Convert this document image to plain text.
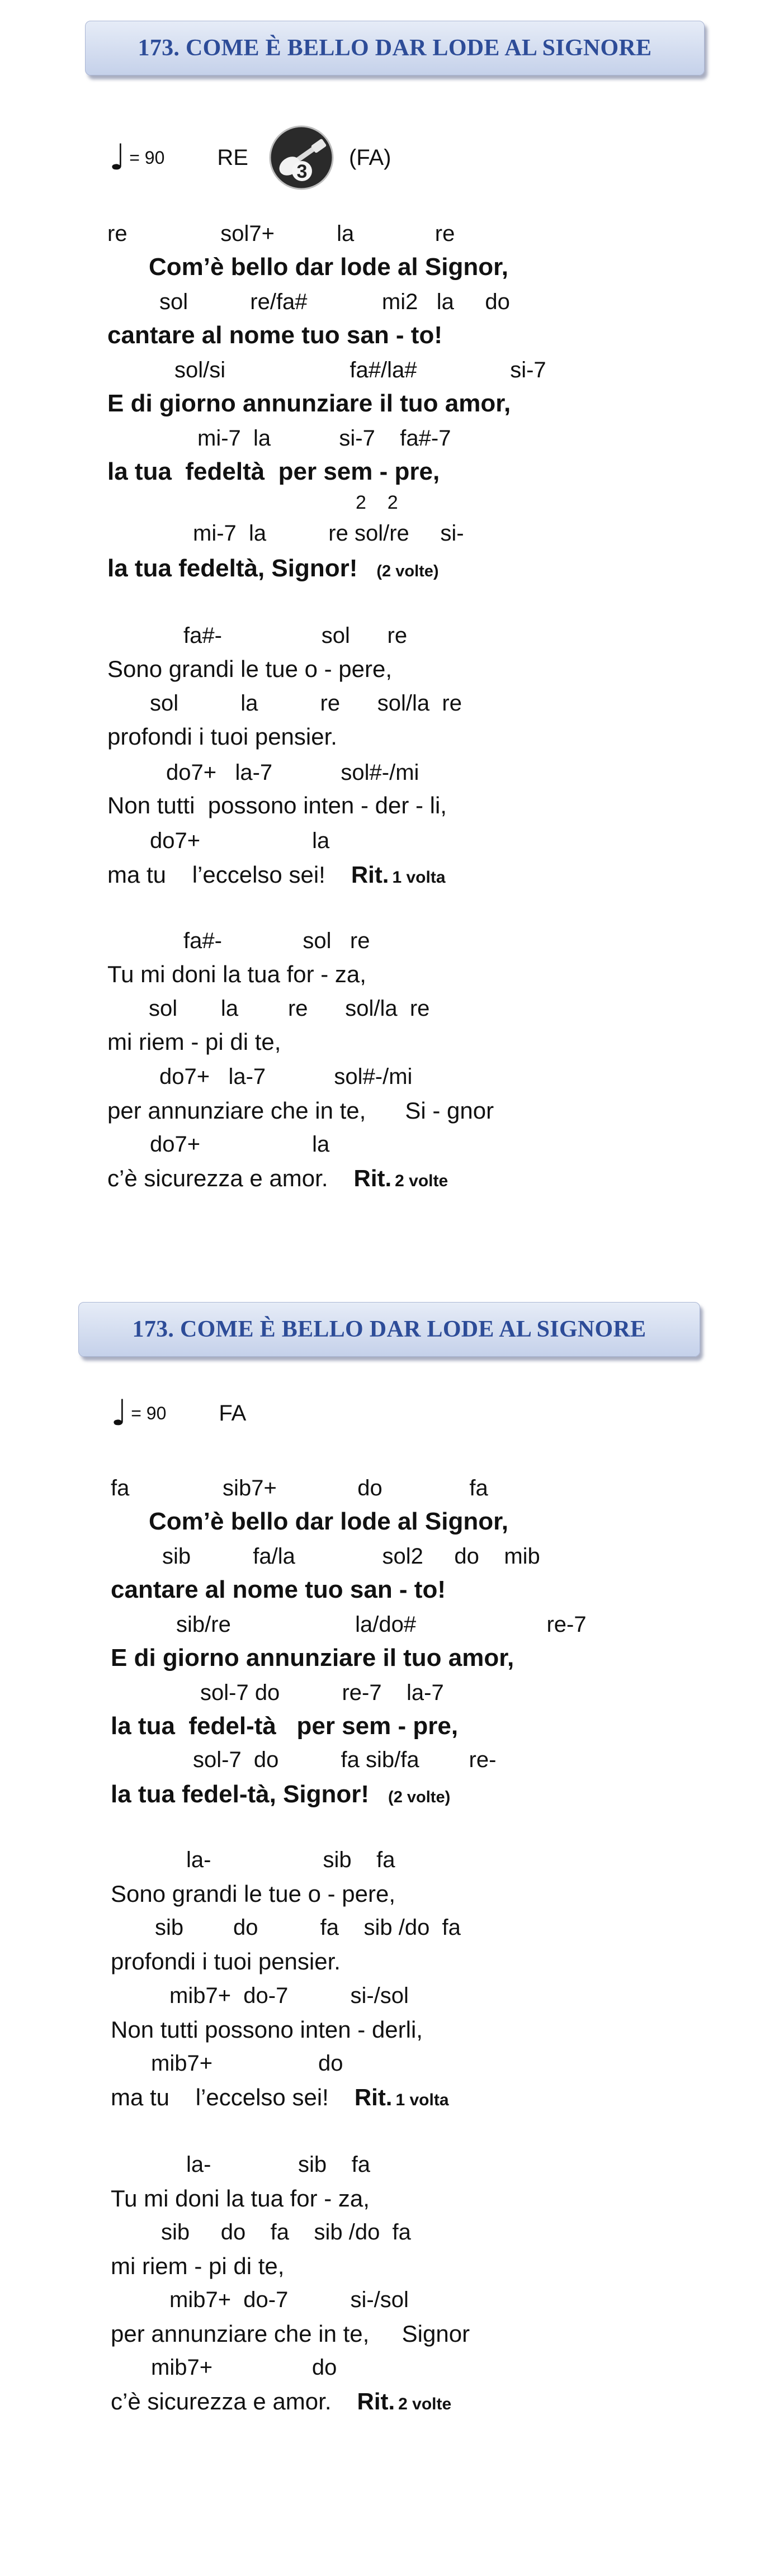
173. COME È BELLO DAR LODE AL SIGNORE
♩ = 90 RE
3
(FA)
re               sol7+          la             re
Com’è bello dar lode al Signor,
sol          re/fa#            mi2   la     do
cantare al nome tuo san - to!
sol/si                    fa#/la#               si-7
E di giorno annunziare il tuo amor,
mi-7  la           si-7    fa#-7
la tua  fedeltà  per sem - pre,
2    2
mi-7  la          re sol/re     si-
la tua fedeltà, Signor! (2 volte)
fa#-                sol      re
Sono grandi le tue o - pere,
sol          la          re      sol/la  re
profondi i tuoi pensier.
do7+   la-7           sol#-/mi
Non tutti  possono inten - der - li,
do7+                  la
ma tu    l’eccelso sei! Rit. 1 volta
fa#-             sol   re
Tu mi doni la tua for - za,
sol       la        re      sol/la  re
mi riem - pi di te,
do7+   la-7           sol#-/mi
per annunziare che in te,      Si - gnor
do7+                  la
c’è sicurezza e amor. Rit. 2 volte
173. COME È BELLO DAR LODE AL SIGNORE
♩ = 90 FA
fa               sib7+             do              fa
Com’è bello dar lode al Signor,
sib          fa/la              sol2     do    mib
cantare al nome tuo san - to!
sib/re                    la/do#                     re-7
E di giorno annunziare il tuo amor,
sol-7 do          re-7    la-7
la tua  fedel-tà   per sem - pre,
sol-7  do          fa sib/fa        re-
la tua fedel-tà, Signor! (2 volte)
la-                  sib    fa
Sono grandi le tue o - pere,
sib        do          fa    sib /do  fa
profondi i tuoi pensier.
mib7+  do-7          si-/sol
Non tutti possono inten - derli,
mib7+                 do
ma tu    l’eccelso sei! Rit. 1 volta
la-              sib    fa
Tu mi doni la tua for - za,
sib     do    fa    sib /do  fa
mi riem - pi di te,
mib7+  do-7          si-/sol
per annunziare che in te,     Signor
mib7+                do
c’è sicurezza e amor. Rit. 2 volte
